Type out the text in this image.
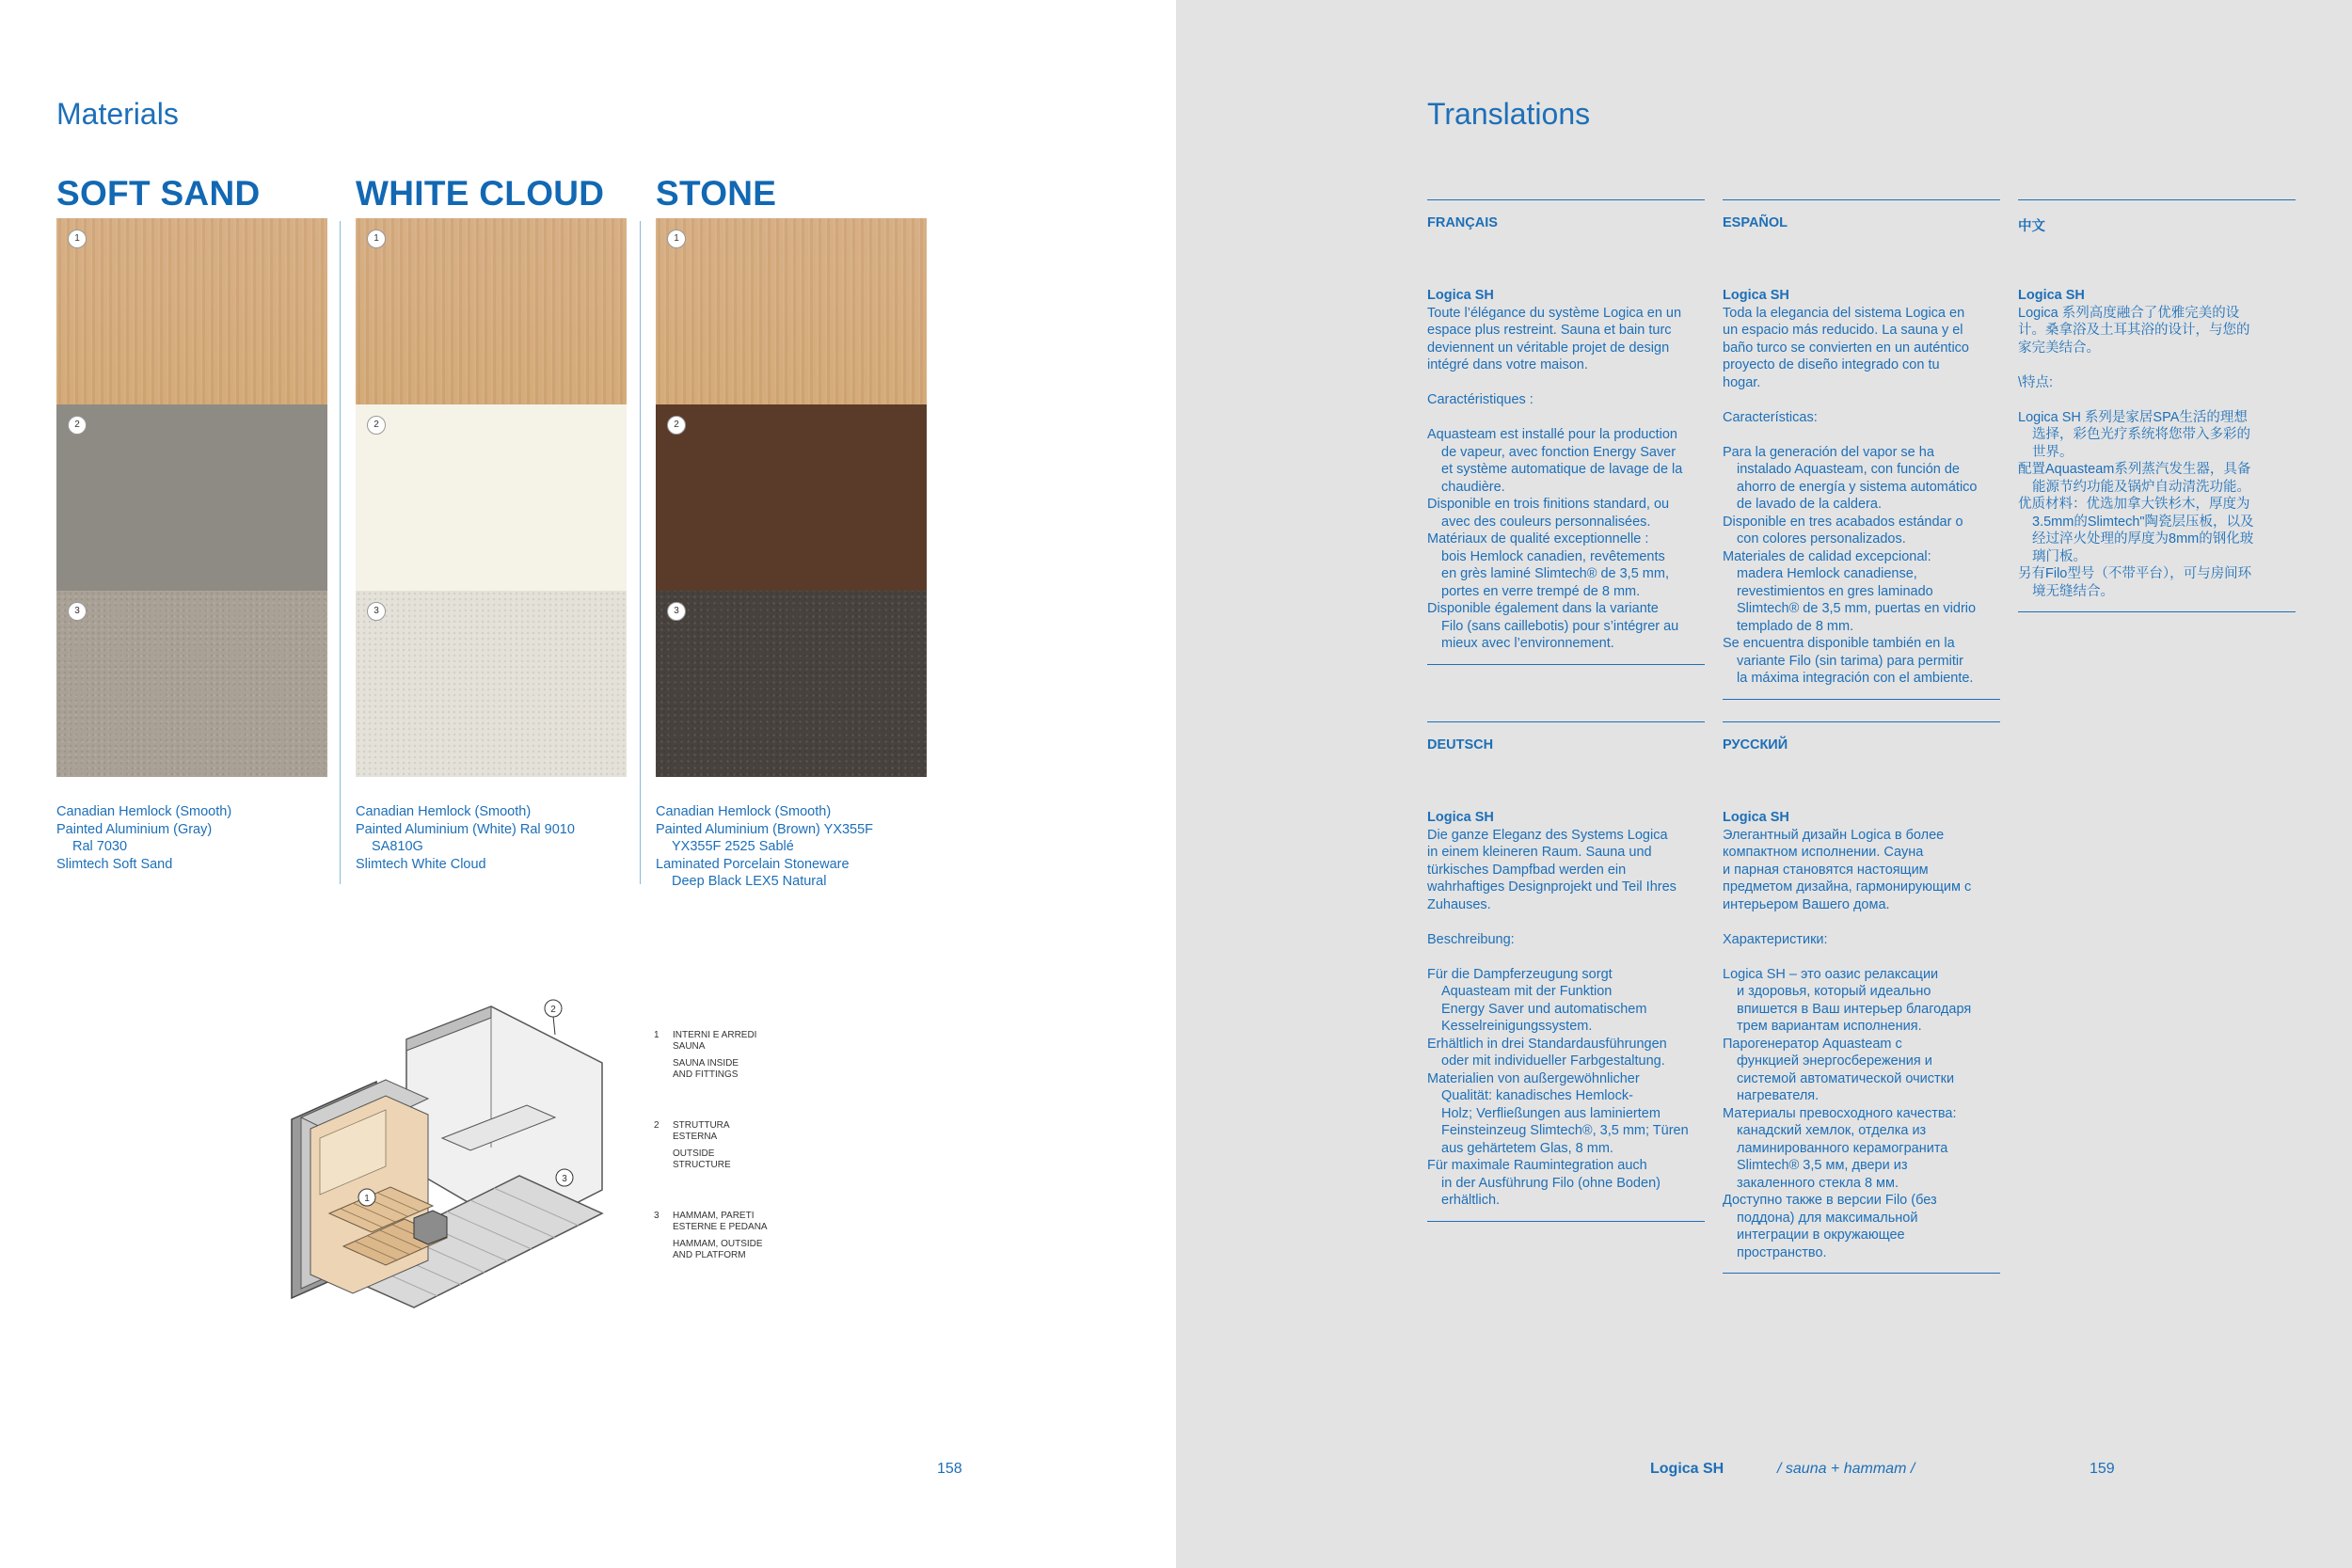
Materials
SOFT SAND
1
2
3
Canadian Hemlock (Smooth)
Painted Aluminium (Gray)
Ral 7030
Slimtech Soft Sand
WHITE CLOUD
1
2
3
Canadian Hemlock (Smooth)
Painted Aluminium (White) Ral 9010
SA810G
Slimtech White Cloud
STONE
1
2
3
Canadian Hemlock (Smooth)
Painted Aluminium (Brown) YX355F
YX355F 2525 Sablé
Laminated Porcelain Stoneware
Deep Black LEX5 Natural
1
2
3
1 INTERNI E ARREDI
SAUNA
SAUNA INSIDE
AND FITTINGS
2 STRUTTURA
ESTERNA
OUTSIDE
STRUCTURE
3 HAMMAM, PARETI
ESTERNE E PEDANA
HAMMAM, OUTSIDE
AND PLATFORM
158
Translations
FRANÇAIS
Logica SH
Toute l’élégance du système Logica en un
espace plus restreint. Sauna et bain turc
deviennent un véritable projet de design
intégré dans votre maison.
Caractéristiques :
Aquasteam est installé pour la production
de vapeur, avec fonction Energy Saver
et système automatique de lavage de la
chaudière.
Disponible en trois finitions standard, ou
avec des couleurs personnalisées.
Matériaux de qualité exceptionnelle :
bois Hemlock canadien, revêtements
en grès laminé Slimtech® de 3,5 mm,
portes en verre trempé de 8 mm.
Disponible également dans la variante
Filo (sans caillebotis) pour s’intégrer au
mieux avec l’environnement.
ESPAÑOL
Logica SH
Toda la elegancia del sistema Logica en
un espacio más reducido. La sauna y el
baño turco se convierten en un auténtico
proyecto de diseño integrado con tu
hogar.
Características:
Para la generación del vapor se ha
instalado Aquasteam, con función de
ahorro de energía y sistema automático
de lavado de la caldera.
Disponible en tres acabados estándar o
con colores personalizados.
Materiales de calidad excepcional:
madera Hemlock canadiense,
revestimientos en gres laminado
Slimtech® de 3,5 mm, puertas en vidrio
templado de 8 mm.
Se encuentra disponible también en la
variante Filo (sin tarima) para permitir
la máxima integración con el ambiente.
中文
Logica SH
Logica 系列高度融合了优雅完美的设
计。桑拿浴及土耳其浴的设计，与您的
家完美结合。
\特点:
Logica SH 系列是家居SPA生活的理想
选择，彩色光疗系统将您带入多彩的
世界。
配置Aquasteam系列蒸汽发生器，具备
能源节约功能及锅炉自动清洗功能。
优质材料：优选加拿大铁杉木，厚度为
3.5mm的Slimtech"陶瓷层压板，以及
经过淬火处理的厚度为8mm的钢化玻
璃门板。
另有Filo型号（不带平台），可与房间环
境无缝结合。
DEUTSCH
Logica SH
Die ganze Eleganz des Systems Logica
in einem kleineren Raum. Sauna und
türkisches Dampfbad werden ein
wahrhaftiges Designprojekt und Teil Ihres
Zuhauses.
Beschreibung:
Für die Dampferzeugung sorgt
Aquasteam mit der Funktion
Energy Saver und automatischem
Kesselreinigungssystem.
Erhältlich in drei Standardausführungen
oder mit individueller Farbgestaltung.
Materialien von außergewöhnlicher
Qualität: kanadisches Hemlock-
Holz; Verfließungen aus laminiertem
Feinsteinzeug Slimtech®, 3,5 mm; Türen
aus gehärtetem Glas, 8 mm.
Für maximale Raumintegration auch
in der Ausführung Filo (ohne Boden)
erhältlich.
РУССКИЙ
Logica SH
Элегантный дизайн Logica в более
компактном исполнении. Сауна
и парная становятся настоящим
предметом дизайна, гармонирующим с
интерьером Вашего дома.
Характеристики:
Logica SH – это оазис релаксации
и здоровья, который идеально
впишется в Ваш интерьер благодаря
трем вариантам исполнения.
Парогенератор Aquasteam с
функцией энергосбережения и
системой автоматической очистки
нагревателя.
Материалы превосходного качества:
канадский хемлок, отделка из
ламинированного керамогранита
Slimtech® 3,5 мм, двери из
закаленного стекла 8 мм.
Доступно также в версии Filo (без
поддона) для максимальной
интеграции в окружающее
пространство.
Logica SH	/ sauna + hammam /	159
